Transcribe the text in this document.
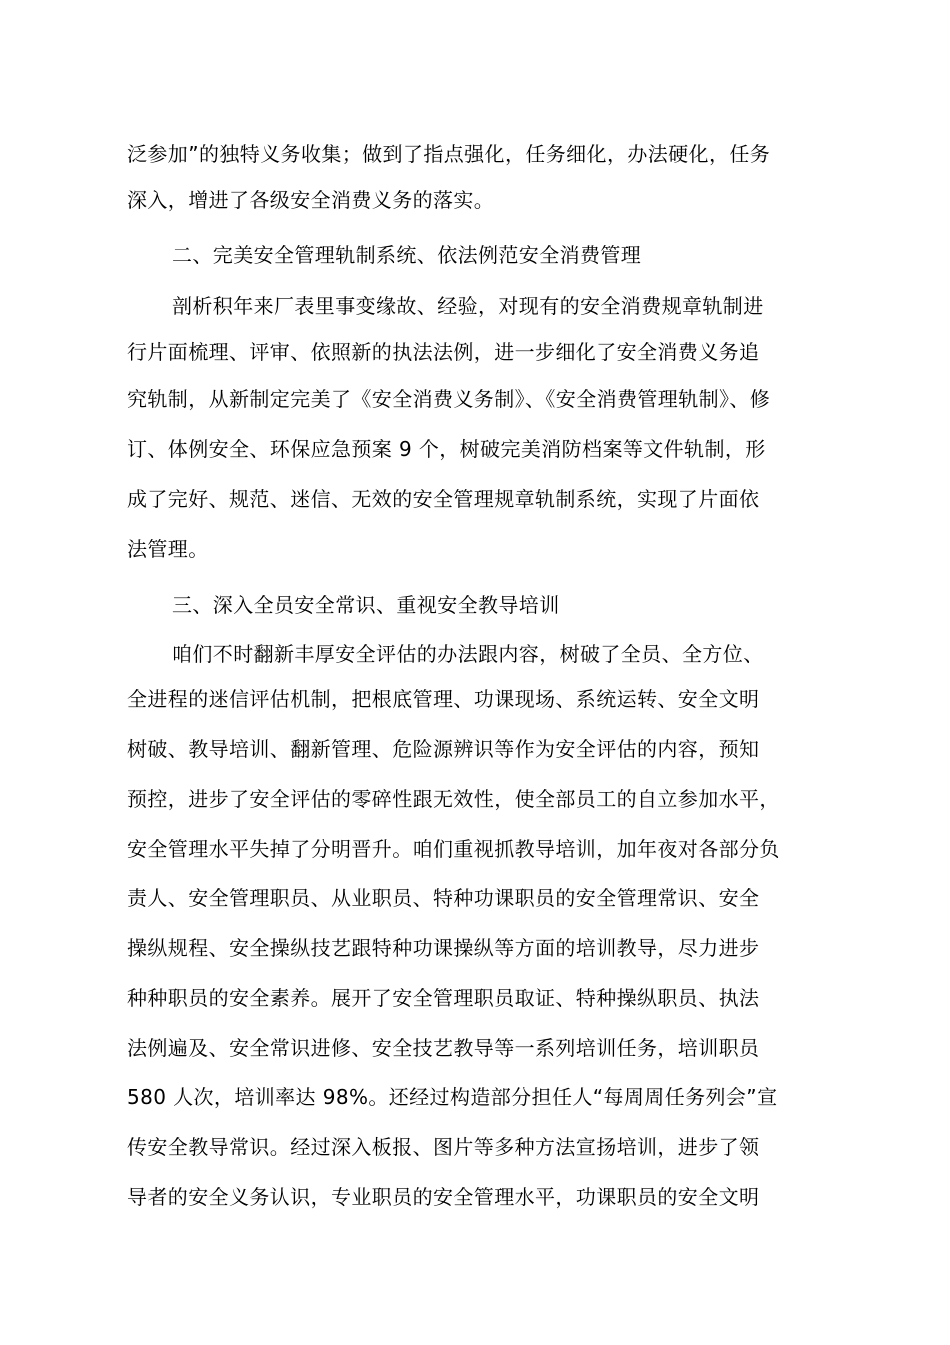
泛参加”的独特义务收集；做到了指点强化，任务细化，办法硬化，任务

深入，增进了各级安全消费义务的落实。

二、完美安全管理轨制系统、依法例范安全消费管理

剖析积年来厂表里事变缘故、经验，对现有的安全消费规章轨制进

行片面梳理、评审、依照新的执法法例，进一步细化了安全消费义务追

究轨制，从新制定完美了《安全消费义务制》、《安全消费管理轨制》、修

订、体例安全、环保应急预案 9 个，树破完美消防档案等文件轨制，形

成了完好、规范、迷信、无效的安全管理规章轨制系统，实现了片面依

法管理。

三、深入全员安全常识、重视安全教导培训

咱们不时翻新丰厚安全评估的办法跟内容，树破了全员、全方位、

全进程的迷信评估机制，把根底管理、功课现场、系统运转、安全文明

树破、教导培训、翻新管理、危险源辨识等作为安全评估的内容，预知

预控，进步了安全评估的零碎性跟无效性，使全部员工的自立参加水平，

安全管理水平失掉了分明晋升。咱们重视抓教导培训，加年夜对各部分负

责人、安全管理职员、从业职员、特种功课职员的安全管理常识、安全

操纵规程、安全操纵技艺跟特种功课操纵等方面的培训教导，尽力进步

种种职员的安全素养。展开了安全管理职员取证、特种操纵职员、执法

法例遍及、安全常识进修、安全技艺教导等一系列培训任务，培训职员

580 人次，培训率达 98%。还经过构造部分担任人“每周周任务列会”宣

传安全教导常识。经过深入板报、图片等多种方法宣扬培训，进步了领

导者的安全义务认识，专业职员的安全管理水平，功课职员的安全文明
